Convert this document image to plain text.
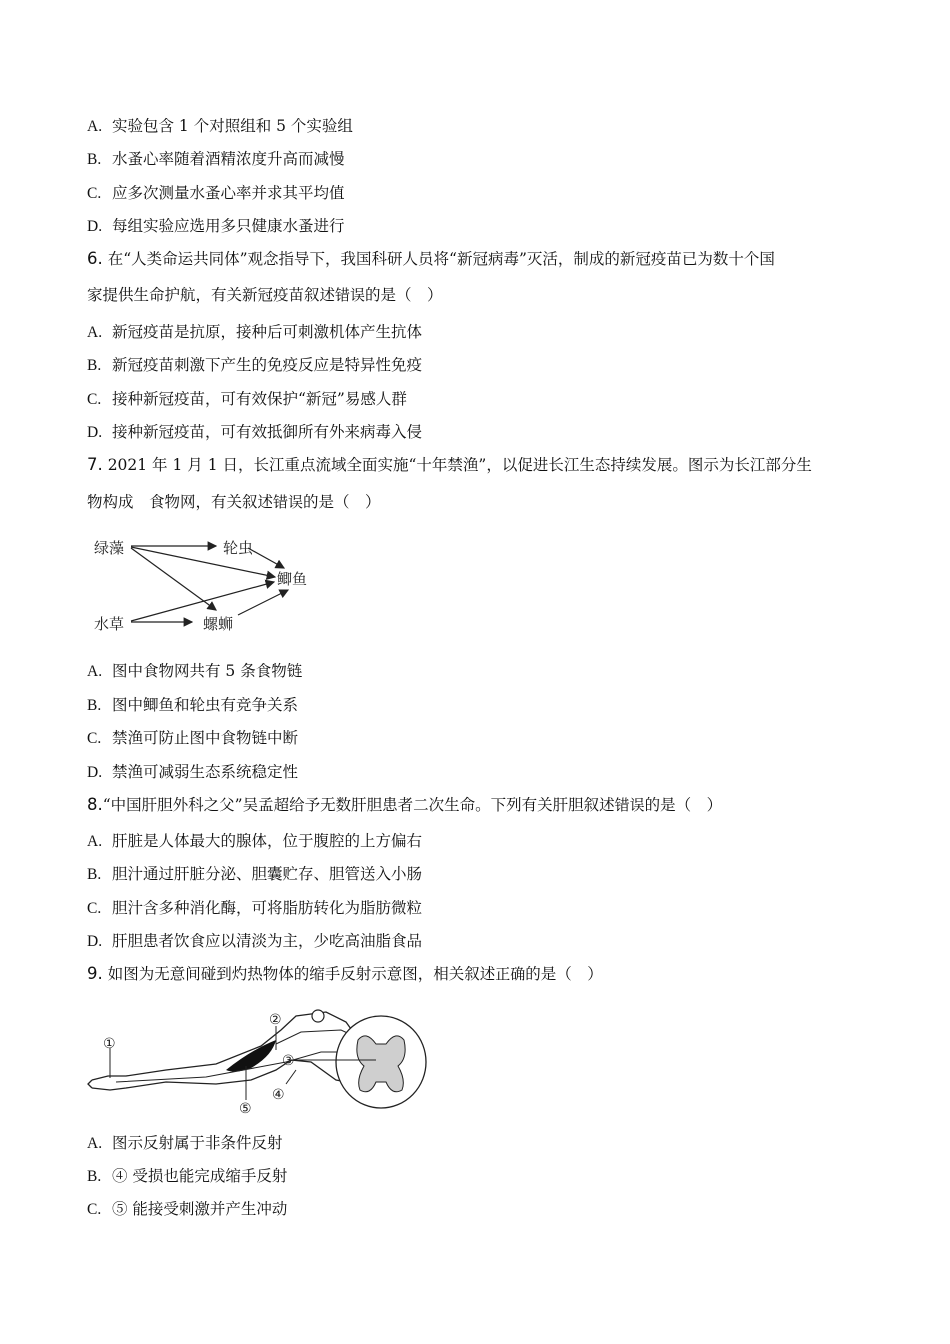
A. 实验包含 1 个对照组和 5 个实验组
B. 水蚤心率随着酒精浓度升高而减慢
C. 应多次测量水蚤心率并求其平均值
D. 每组实验应选用多只健康水蚤进行
6. 在“人类命运共同体”观念指导下，我国科研人员将“新冠病毒”灭活，制成的新冠疫苗已为数十个国
家提供生命护航，有关新冠疫苗叙述错误的是（　）
A. 新冠疫苗是抗原，接种后可刺激机体产生抗体
B. 新冠疫苗刺激下产生的免疫反应是特异性免疫
C. 接种新冠疫苗，可有效保护“新冠”易感人群
D. 接种新冠疫苗，可有效抵御所有外来病毒入侵
7. 2021 年 1 月 1 日，长江重点流域全面实施“十年禁渔”，以促进长江生态持续发展。图示为长江部分生
物构成　食物网，有关叙述错误的是（　）
绿藻	轮虫
鲫鱼
水草	螺蛳
A. 图中食物网共有 5 条食物链
B. 图中鲫鱼和轮虫有竞争关系
C. 禁渔可防止图中食物链中断
D. 禁渔可减弱生态系统稳定性
8.“中国肝胆外科之父”吴孟超给予无数肝胆患者二次生命。下列有关肝胆叙述错误的是（　）
A. 肝脏是人体最大的腺体，位于腹腔的上方偏右
B. 胆汁通过肝脏分泌、胆囊贮存、胆管送入小肠
C. 胆汁含多种消化酶，可将脂肪转化为脂肪微粒
D. 肝胆患者饮食应以清淡为主，少吃高油脂食品
9. 如图为无意间碰到灼热物体的缩手反射示意图，相关叙述正确的是（　）
①
②
③
④
⑤
A. 图示反射属于非条件反射
B. ④ 受损也能完成缩手反射
C. ⑤ 能接受刺激并产生冲动
